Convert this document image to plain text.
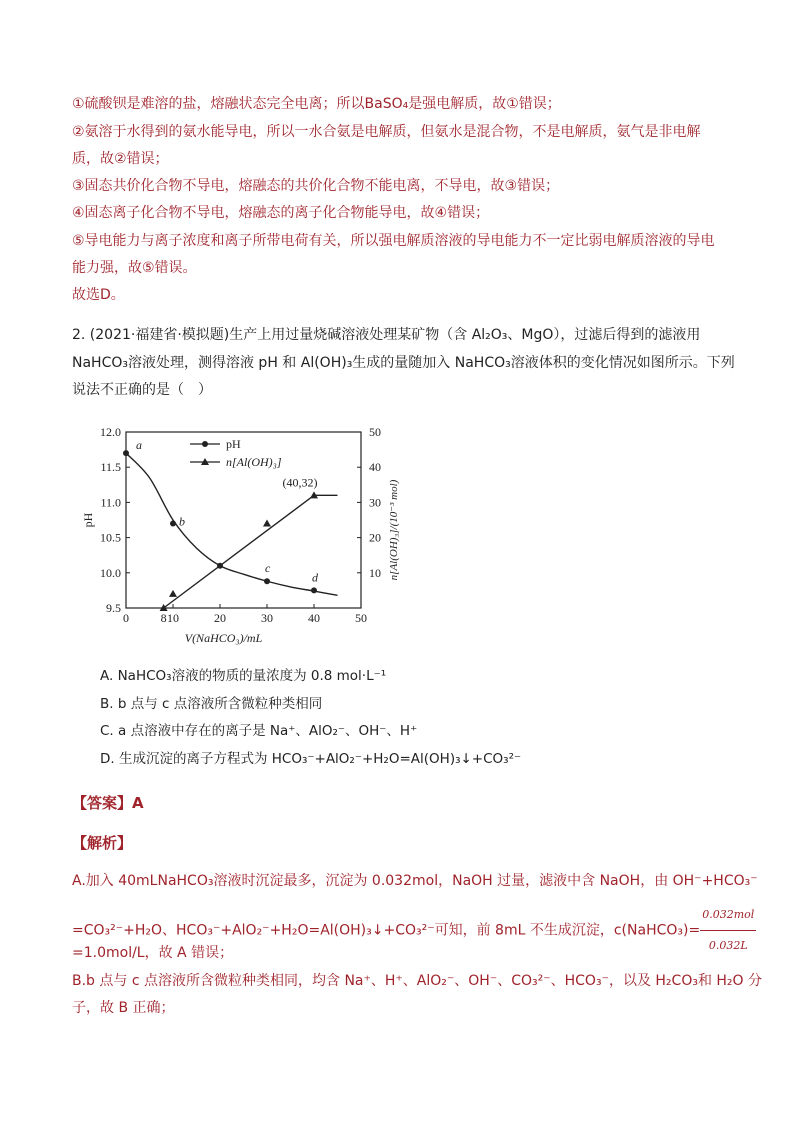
①硫酸钡是难溶的盐，熔融状态完全电离；所以BaSO₄是强电解质，故①错误；
②氨溶于水得到的氨水能导电，所以一水合氨是电解质，但氨水是混合物，不是电解质，氨气是非电解
质，故②错误；
③固态共价化合物不导电，熔融态的共价化合物不能电离，不导电，故③错误；
④固态离子化合物不导电，熔融态的离子化合物能导电，故④错误；
⑤导电能力与离子浓度和离子所带电荷有关，所以强电解质溶液的导电能力不一定比弱电解质溶液的导电
能力强，故⑤错误。
故选D。
2. (2021·福建省·模拟题)生产上用过量烧碱溶液处理某矿物（含 Al₂O₃、MgO），过滤后得到的滤液用
NaHCO₃溶液处理，测得溶液 pH 和 Al(OH)₃生成的量随加入 NaHCO₃溶液体积的变化情况如图所示。下列
说法不正确的是（　）
0	8 10	20	30	40	50
9.5
10.0
10.5
11.0
11.5
12.0
10
20
30
40
50
V(NaHCO₃)/mL
pH	n[Al(OH)₃]/(10⁻³ mol)
a
b
c
d
(40,32)
pH
n[Al(OH)₃]
A. NaHCO₃溶液的物质的量浓度为 0.8 mol·L⁻¹
B. b 点与 c 点溶液所含微粒种类相同
C. a 点溶液中存在的离子是 Na⁺、AlO₂⁻、OH⁻、H⁺
D. 生成沉淀的离子方程式为 HCO₃⁻+AlO₂⁻+H₂O=Al(OH)₃↓+CO₃²⁻
【答案】A
【解析】
A.加入 40mLNaHCO₃溶液时沉淀最多，沉淀为 0.032mol，NaOH 过量，滤液中含 NaOH，由 OH⁻+HCO₃⁻
=CO₃²⁻+H₂O、HCO₃⁻+AlO₂⁻+H₂O=Al(OH)₃↓+CO₃²⁻可知，前 8mL 不生成沉淀，c(NaHCO₃)= $\frac{\text{0.032mol}}{0.032L}$
=1.0mol/L，故 A 错误；
B.b 点与 c 点溶液所含微粒种类相同，均含 Na⁺、H⁺、AlO₂⁻、OH⁻、CO₃²⁻、HCO₃⁻，以及 H₂CO₃和 H₂O 分
子，故 B 正确；
